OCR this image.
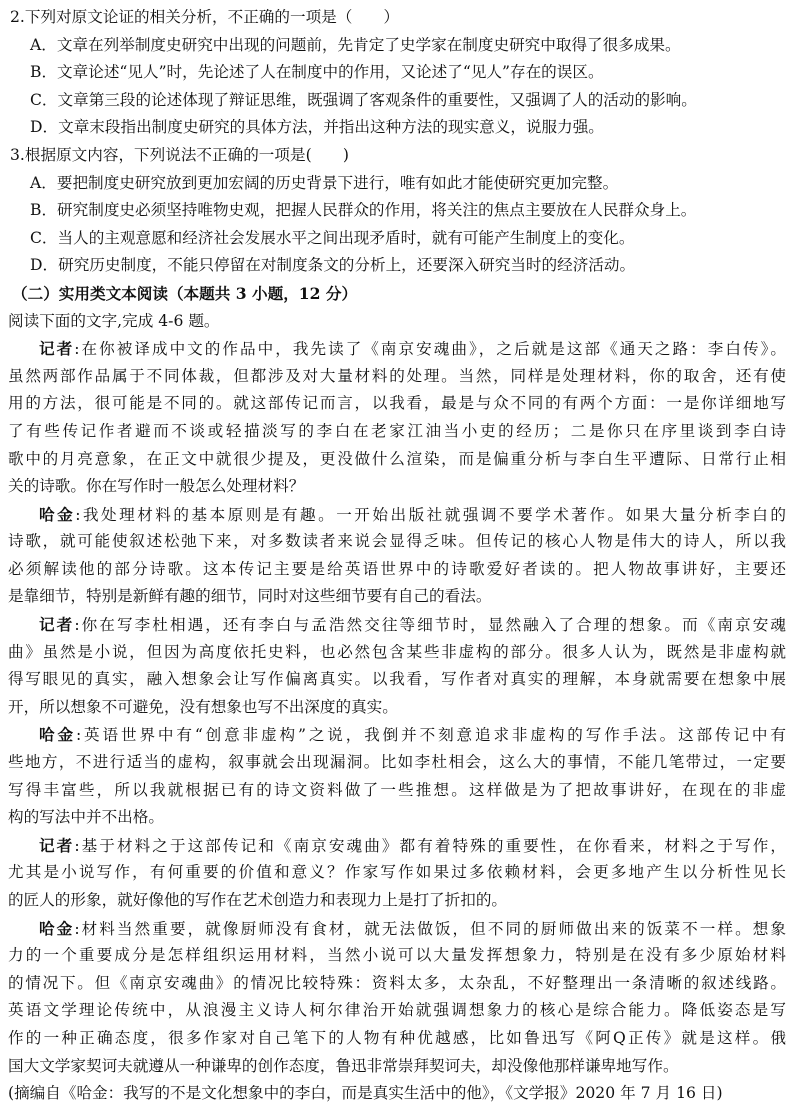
2.下列对原文论证的相关分析，不正确的一项是（　　）
A．文章在列举制度史研究中出现的问题前，先肯定了史学家在制度史研究中取得了很多成果。
B．文章论述“见人”时，先论述了人在制度中的作用，又论述了“见人”存在的误区。
C．文章第三段的论述体现了辩证思维，既强调了客观条件的重要性，又强调了人的活动的影响。
D．文章末段指出制度史研究的具体方法，并指出这种方法的现实意义，说服力强。
3.根据原文内容，下列说法不正确的一项是(　　)
A．要把制度史研究放到更加宏阔的历史背景下进行，唯有如此才能使研究更加完整。
B．研究制度史必须坚持唯物史观，把握人民群众的作用，将关注的焦点主要放在人民群众身上。
C．当人的主观意愿和经济社会发展水平之间出现矛盾时，就有可能产生制度上的变化。
D．研究历史制度，不能只停留在对制度条文的分析上，还要深入研究当时的经济活动。
（二）实用类文本阅读（本题共 3 小题，12 分）
阅读下面的文字,完成 4-6 题。
记者:在你被译成中文的作品中，我先读了《南京安魂曲》，之后就是这部《通天之路：李白传》。
虽然两部作品属于不同体裁，但都涉及对大量材料的处理。当然，同样是处理材料，你的取舍，还有使
用的方法，很可能是不同的。就这部传记而言，以我看，最是与众不同的有两个方面：一是你详细地写
了有些传记作者避而不谈或轻描淡写的李白在老家江油当小吏的经历；二是你只在序里谈到李白诗
歌中的月亮意象，在正文中就很少提及，更没做什么渲染，而是偏重分析与李白生平遭际、日常行止相
关的诗歌。你在写作时一般怎么处理材料？
哈金:我处理材料的基本原则是有趣。一开始出版社就强调不要学术著作。如果大量分析李白的
诗歌，就可能使叙述松弛下来，对多数读者来说会显得乏味。但传记的核心人物是伟大的诗人，所以我
必须解读他的部分诗歌。这本传记主要是给英语世界中的诗歌爱好者读的。把人物故事讲好，主要还
是靠细节，特别是新鲜有趣的细节，同时对这些细节要有自己的看法。
记者:你在写李杜相遇，还有李白与孟浩然交往等细节时，显然融入了合理的想象。而《南京安魂
曲》虽然是小说，但因为高度依托史料，也必然包含某些非虚构的部分。很多人认为，既然是非虚构就
得写眼见的真实，融入想象会让写作偏离真实。以我看，写作者对真实的理解，本身就需要在想象中展
开，所以想象不可避免，没有想象也写不出深度的真实。
哈金:英语世界中有“创意非虚构”之说，我倒并不刻意追求非虚构的写作手法。这部传记中有
些地方，不进行适当的虚构，叙事就会出现漏洞。比如李杜相会，这么大的事情，不能几笔带过，一定要
写得丰富些，所以我就根据已有的诗文资料做了一些推想。这样做是为了把故事讲好，在现在的非虚
构的写法中并不出格。
记者:基于材料之于这部传记和《南京安魂曲》都有着特殊的重要性，在你看来，材料之于写作，
尤其是小说写作，有何重要的价值和意义？作家写作如果过多依赖材料，会更多地产生以分析性见长
的匠人的形象，就好像他的写作在艺术创造力和表现力上是打了折扣的。
哈金:材料当然重要，就像厨师没有食材，就无法做饭，但不同的厨师做出来的饭菜不一样。想象
力的一个重要成分是怎样组织运用材料，当然小说可以大量发挥想象力，特别是在没有多少原始材料
的情况下。但《南京安魂曲》的情况比较特殊：资料太多，太杂乱，不好整理出一条清晰的叙述线路。
英语文学理论传统中，从浪漫主义诗人柯尔律治开始就强调想象力的核心是综合能力。降低姿态是写
作的一种正确态度，很多作家对自己笔下的人物有种优越感，比如鲁迅写《阿Q正传》就是这样。俄
国大文学家契诃夫就遵从一种谦卑的创作态度，鲁迅非常崇拜契诃夫，却没像他那样谦卑地写作。
(摘编自《哈金：我写的不是文化想象中的李白，而是真实生活中的他》，《文学报》2020 年 7 月 16 日)
